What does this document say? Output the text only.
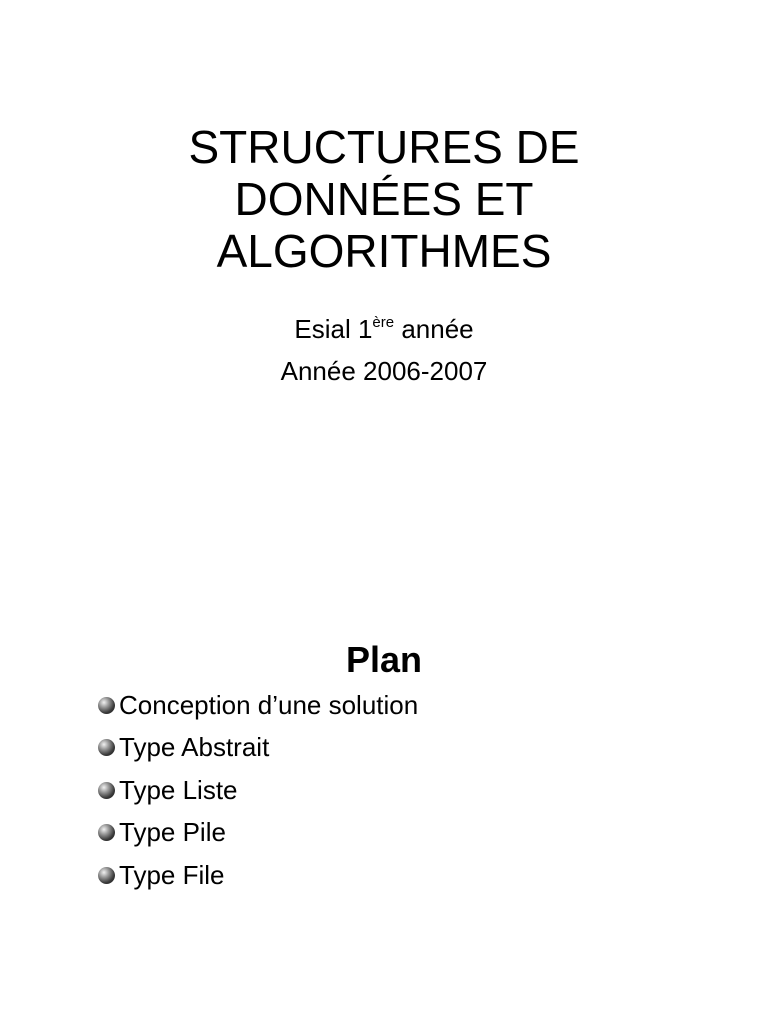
STRUCTURES DE
DONNÉES ET
ALGORITHMES
Esial 1ère année
Année 2006-2007
Plan
Conception d’une solution
Type Abstrait
Type Liste
Type Pile
Type File
